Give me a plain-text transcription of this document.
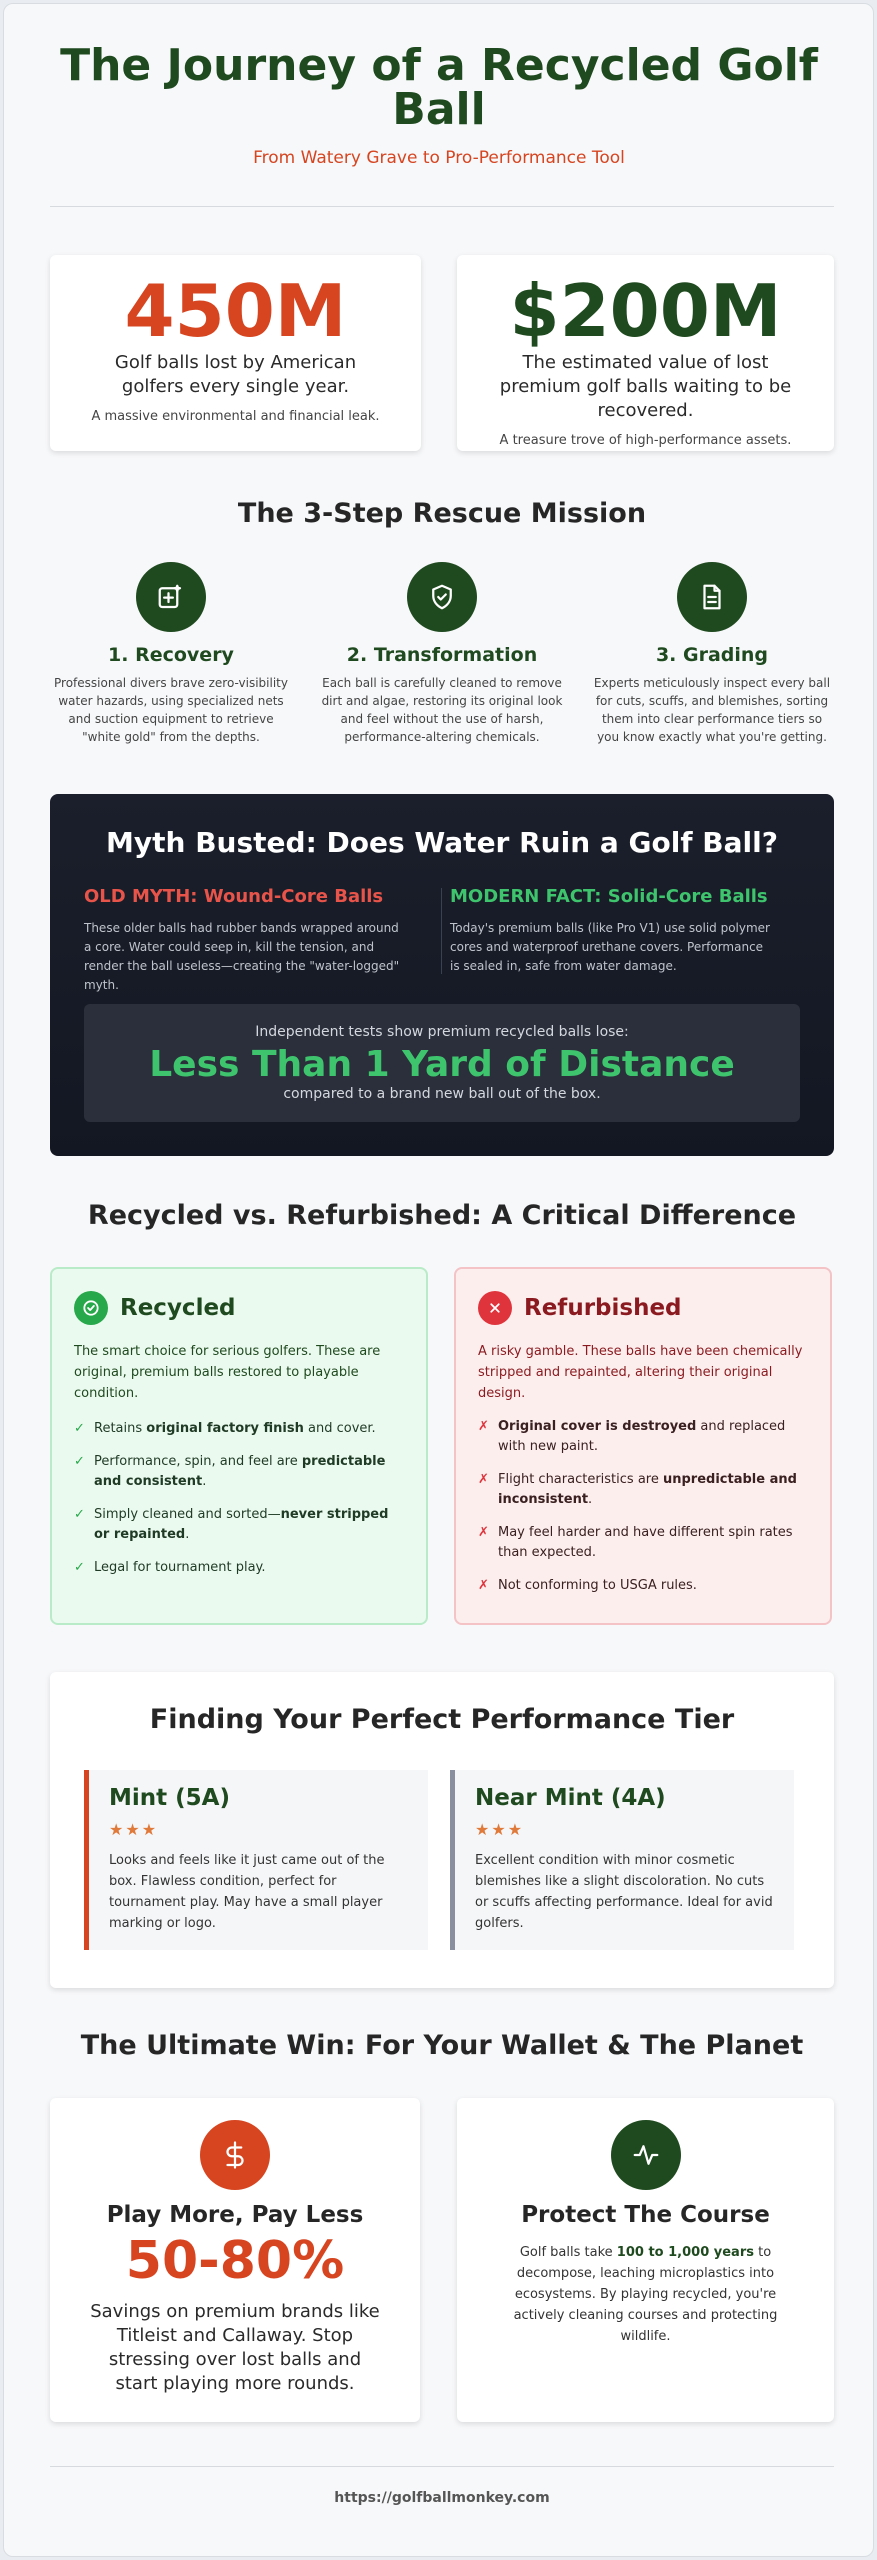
The Journey of a Recycled Golf Ball
From Watery Grave to Pro-Performance Tool
450M
Golf balls lost by American golfers every single year.
A massive environmental and financial leak.
$200M
The estimated value of lost premium golf balls waiting to be recovered.
A treasure trove of high-performance assets.
The 3-Step Rescue Mission
1. Recovery
Professional divers brave zero-visibility water hazards, using specialized nets and suction equipment to retrieve "white gold" from the depths.
2. Transformation
Each ball is carefully cleaned to remove dirt and algae, restoring its original look and feel without the use of harsh, performance-altering chemicals.
3. Grading
Experts meticulously inspect every ball for cuts, scuffs, and blemishes, sorting them into clear performance tiers so you know exactly what you're getting.
Myth Busted: Does Water Ruin a Golf Ball?
OLD MYTH: Wound-Core Balls

These older balls had rubber bands wrapped around a core. Water could seep in, kill the tension, and render the ball useless—creating the "water-logged" myth.

MODERN FACT: Solid-Core Balls

Today's premium balls (like Pro V1) use solid polymer cores and waterproof urethane covers. Performance is sealed in, safe from water damage.

Independent tests show premium recycled balls lose:
Less Than 1 Yard of Distance
compared to a brand new ball out of the box.
Recycled vs. Refurbished: A Critical Difference
Recycled
The smart choice for serious golfers. These are original, premium balls restored to playable condition.
✓ Retains original factory finish and cover.
✓ Performance, spin, and feel are predictable and consistent.
✓ Simply cleaned and sorted—never stripped or repainted.
✓ Legal for tournament play.
Refurbished
A risky gamble. These balls have been chemically stripped and repainted, altering their original design.
✗ Original cover is destroyed and replaced with new paint.
✗ Flight characteristics are unpredictable and inconsistent.
✗ May feel harder and have different spin rates than expected.
✗ Not conforming to USGA rules.
Finding Your Perfect Performance Tier
Mint (5A)
★★★
Looks and feels like it just came out of the box. Flawless condition, perfect for tournament play. May have a small player marking or logo.
Near Mint (4A)
★★★
Excellent condition with minor cosmetic blemishes like a slight discoloration. No cuts or scuffs affecting performance. Ideal for avid golfers.
The Ultimate Win: For Your Wallet & The Planet
Play More, Pay Less
50-80%
Savings on premium brands like Titleist and Callaway. Stop stressing over lost balls and start playing more rounds.
Protect The Course
Golf balls take 100 to 1,000 years to decompose, leaching microplastics into ecosystems. By playing recycled, you're actively cleaning courses and protecting wildlife.
https://golfballmonkey.com
